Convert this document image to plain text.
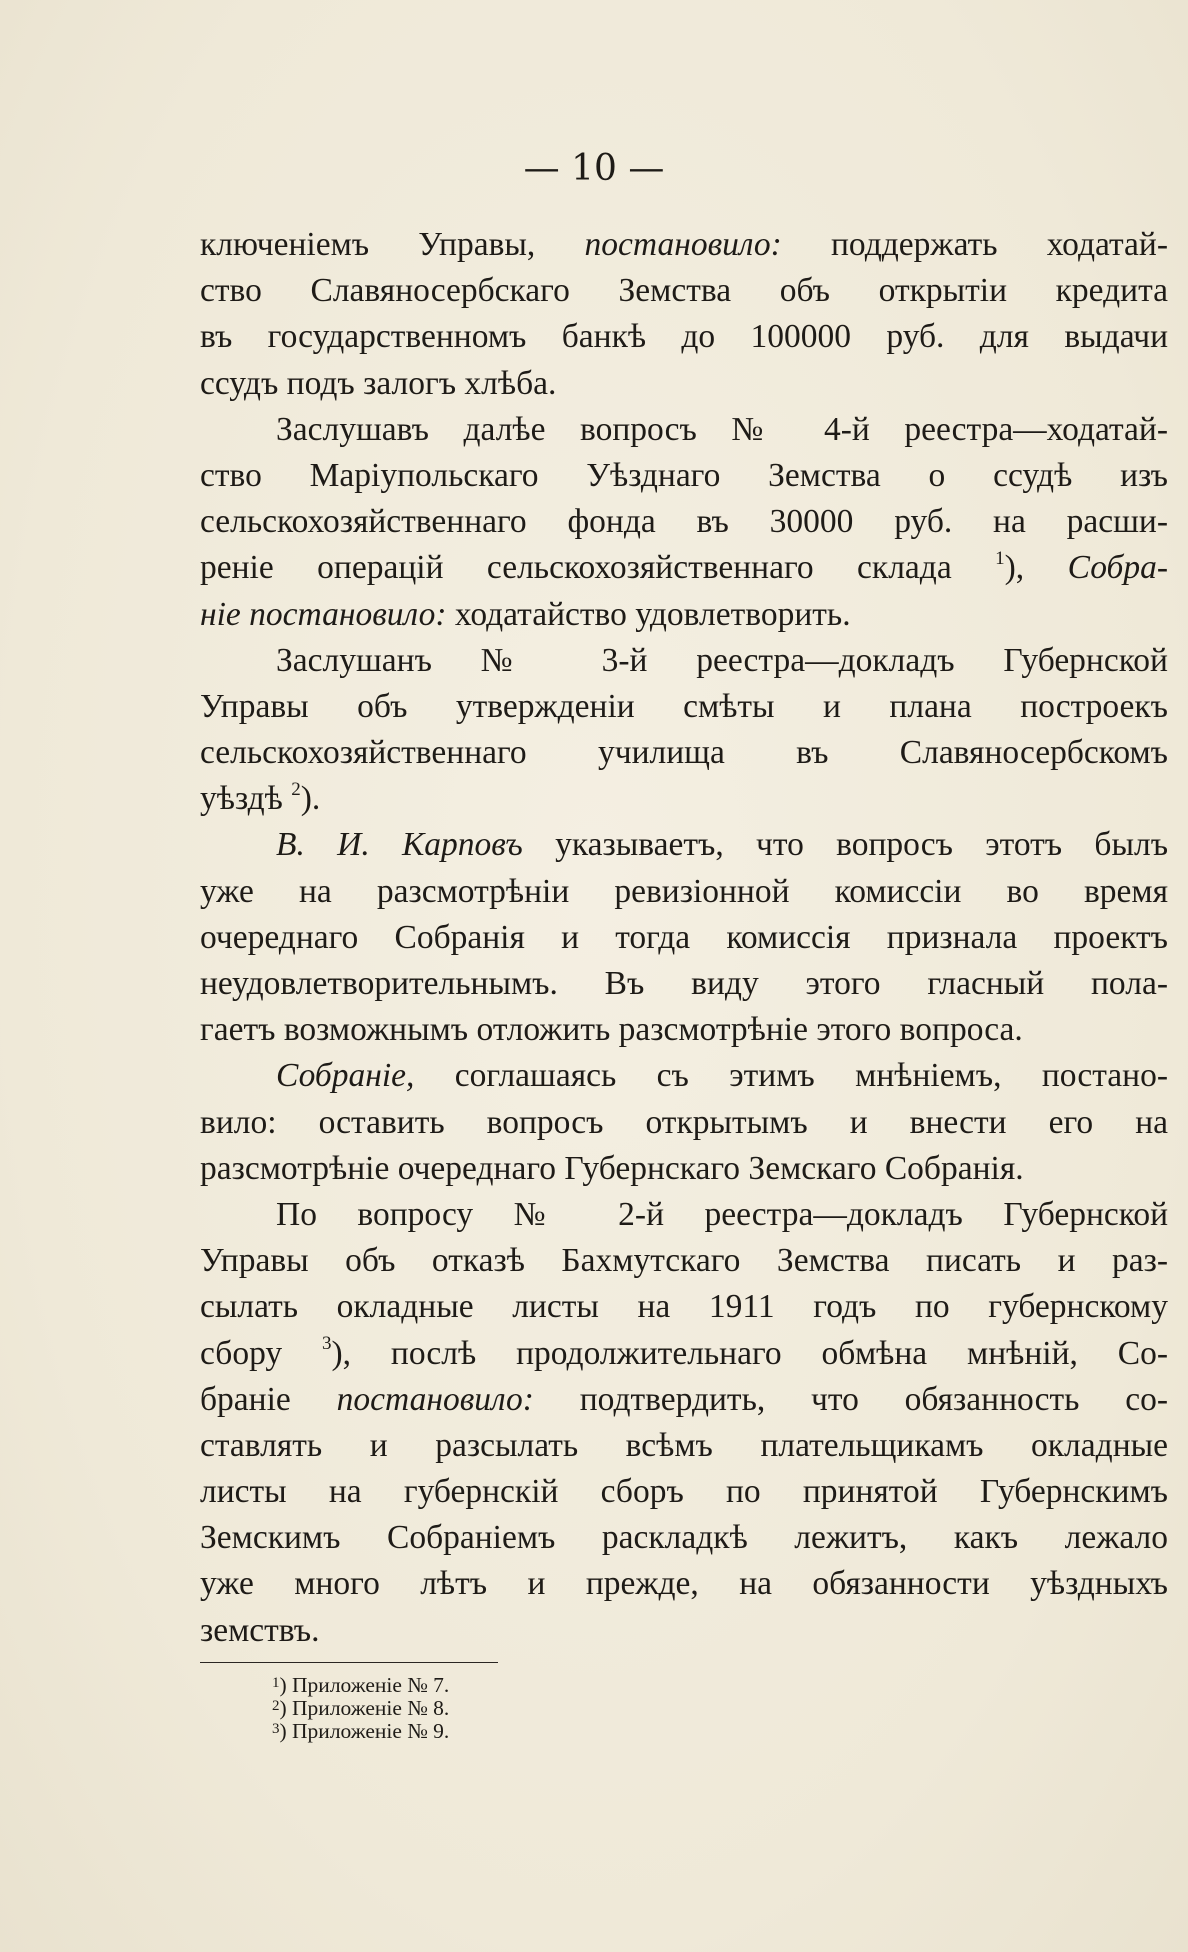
— 10 —
ключеніемъ Управы, постановило: поддержать ходатай-
ство Славяносербскаго Земства объ открытіи кредита
въ государственномъ банкѣ до 100000 руб. для выдачи
ссудъ подъ залогъ хлѣба.
Заслушавъ далѣе вопросъ № 4-й реестра—ходатай-
ство Маріупольскаго Уѣзднаго Земства о ссудѣ изъ
сельскохозяйственнаго фонда въ 30000 руб. на расши-
реніе операцій сельскохозяйственнаго склада $^1$), Собра-
ніе постановило: ходатайство удовлетворить.
Заслушанъ № 3-й реестра—докладъ Губернской
Управы объ утвержденіи смѣты и плана построекъ
сельскохозяйственнаго училища въ Славяносербскомъ
уѣздѣ $^2$).
В. И. Карповъ указываетъ, что вопросъ этотъ былъ
уже на разсмотрѣніи ревизіонной комиссіи во время
очереднаго Собранія и тогда комиссія признала проектъ
неудовлетворительнымъ. Въ виду этого гласный пола-
гаетъ возможнымъ отложить разсмотрѣніе этого вопроса.
Собраніе, соглашаясь съ этимъ мнѣніемъ, постано-
вило: оставить вопросъ открытымъ и внести его на
разсмотрѣніе очереднаго Губернскаго Земскаго Собранія.
По вопросу № 2-й реестра—докладъ Губернской
Управы объ отказѣ Бахмутскаго Земства писать и раз-
сылать окладные листы на 1911 годъ по губернскому
сбору $^3$), послѣ продолжительнаго обмѣна мнѣній, Со-
браніе постановило: подтвердить, что обязанность со-
ставлять и разсылать всѣмъ плательщикамъ окладные
листы на губернскій сборъ по принятой Губернскимъ
Земскимъ Собраніемъ раскладкѣ лежитъ, какъ лежало
уже много лѣтъ и прежде, на обязанности уѣздныхъ
земствъ.
$^1$) Приложеніе № 7.
$^2$) Приложеніе № 8.
$^3$) Приложеніе № 9.
